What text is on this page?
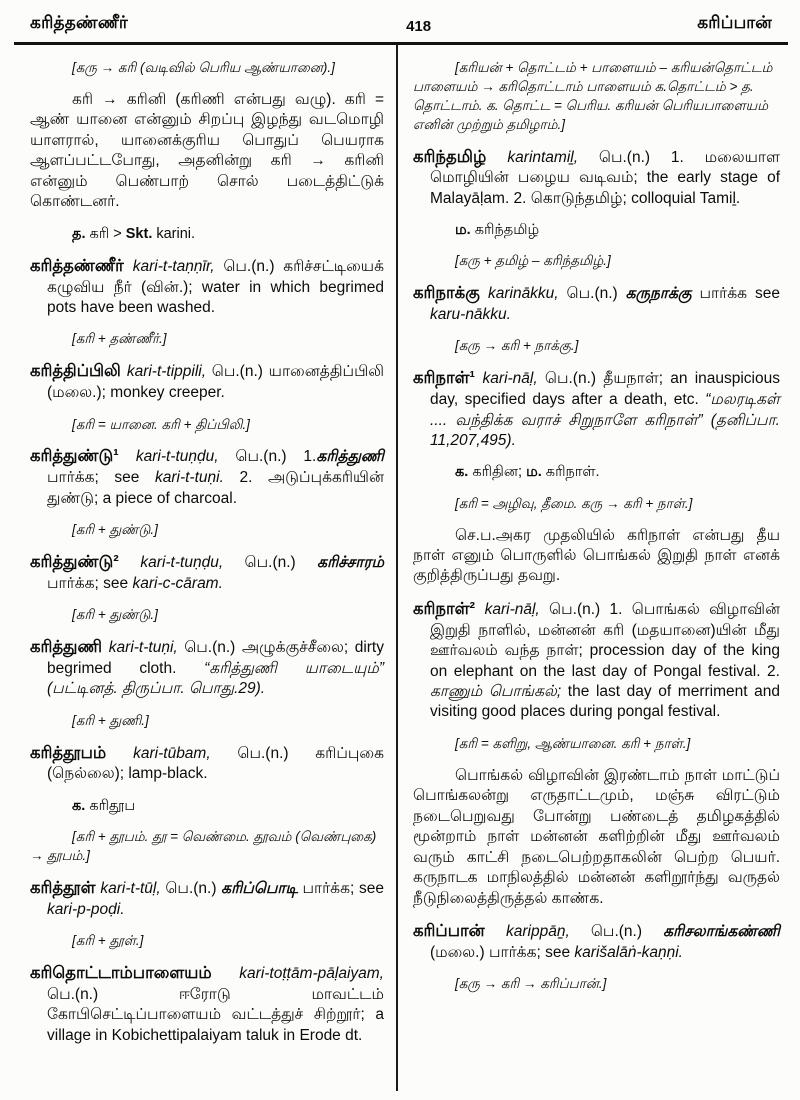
கரித்தண்ணீர்	418	கரிப்பான்

[கரு → கரி (வடிவில் பெரிய ஆண்யானை).]

கரி → கரினி (கரிணி என்பது வழு). கரி = ஆண் யானை என்னும் சிறப்பு இழந்து வடமொழி யாளரால், யானைக்குரிய பொதுப் பெயராக ஆளப்பட்டபோது, அதனின்று கரி → கரினி என்னும் பெண்பாற் சொல் படைத்திட்டுக் கொண்டனர்.

த. கரி > Skt. karini.

கரித்தண்ணீர் kari-t-taṇṇīr, பெ.(n.) கரிச்சட்டியைக் கழுவிய நீர் (வின்.); water in which begrimed pots have been washed.

[கரி + தண்ணீர்.]

கரித்திப்பிலி kari-t-tippili, பெ.(n.) யானைத்திப்பிலி (மலை.); monkey creeper.

[கரி = யானை. கரி + திப்பிலி.]

கரித்துண்டு¹ kari-t-tuṇḍu, பெ.(n.) 1.கரித்துணி பார்க்க; see kari-t-tuṇi. 2. அடுப்புக்கரியின் துண்டு; a piece of charcoal.

[கரி + துண்டு.]

கரித்துண்டு² kari-t-tuṇḍu, பெ.(n.) கரிச்சாரம் பார்க்க; see kari-c-cāram.

[கரி + துண்டு.]

கரித்துணி kari-t-tuṇi, பெ.(n.) அழுக்குச்சீலை; dirty begrimed cloth. “கரித்துணி யாடையும்” (பட்டினத். திருப்பா. பொது.29).

[கரி + துணி.]

கரித்தூபம் kari-tūbam, பெ.(n.) கரிப்புகை (நெல்லை); lamp-black.

க. கரிதூப

[கரி + தூபம். தூ = வெண்மை. தூவம் (வெண்புகை) → தூபம்.]

கரித்தூள் kari-t-tūḷ, பெ.(n.) கரிப்பொடி பார்க்க; see kari-p-poḍi.

[கரி + தூள்.]

கரிதொட்டாம்பாளையம் kari-toṭṭām-pāḷaiyam, பெ.(n.) ஈரோடு மாவட்டம் கோபிசெட்டிப்பாளையம் வட்டத்துச் சிற்றூர்; a village in Kobichettipalaiyam taluk in Erode dt.

[கரியன் + தொட்டம் + பாளையம் – கரியன்தொட்டம் பாளையம் → கரிதொட்டாம் பாளையம் க.தொட்டம் > த. தொட்டாம். க. தொட்ட = பெரிய. கரியன் பெரியபாளையம் எனின் முற்றும் தமிழாம்.]

கரிந்தமிழ் karintamiḻ, பெ.(n.) 1. மலையாள மொழியின் பழைய வடிவம்; the early stage of Malayāḷam. 2. கொடுந்தமிழ்; colloquial Tamiḻ.

ம. கரிந்தமிழ்

[கரு + தமிழ் – கரிந்தமிழ்.]

கரிநாக்கு karinākku, பெ.(n.) கருநாக்கு பார்க்க see karu-nākku.

[கரு → கரி + நாக்கு.]

கரிநாள்¹ kari-nāḷ, பெ.(n.) தீயநாள்; an inauspicious day, specified days after a death, etc. “மலரடிகள் .... வந்திக்க வராச் சிறுநாளே கரிநாள்” (தனிப்பா. 11,207,495).

க. கரிதின; ம. கரிநாள்.

[கரி = அழிவு, தீமை. கரு → கரி + நாள்.]

செ.ப.அகர முதலியில் கரிநாள் என்பது தீய நாள் எனும் பொருளில் பொங்கல் இறுதி நாள் எனக் குறித்திருப்பது தவறு.

கரிநாள்² kari-nāḷ, பெ.(n.) 1. பொங்கல் விழாவின் இறுதி நாளில், மன்னன் கரி (மதயானை)யின் மீது ஊர்வலம் வந்த நாள்; procession day of the king on elephant on the last day of Pongal festival. 2. காணும் பொங்கல்; the last day of merriment and visiting good places during pongal festival.

[கரி = களிறு, ஆண்யானை. கரி + நாள்.]

பொங்கல் விழாவின் இரண்டாம் நாள் மாட்டுப் பொங்கலன்று எருதாட்டமும், மஞ்சு விரட்டும் நடைபெறுவது போன்று பண்டைத் தமிழகத்தில் மூன்றாம் நாள் மன்னன் களிற்றின் மீது ஊர்வலம் வரும் காட்சி நடைபெற்றதாகலின் பெற்ற பெயர். கருநாடக மாநிலத்தில் மன்னன் களிறூர்ந்து வருதல் நீடுநிலைத்திருத்தல் காண்க.

கரிப்பான் karippāṉ, பெ.(n.) கரிசலாங்கண்ணி (மலை.) பார்க்க; see karišalāṅ-kaṇṇi.

[கரு → கரி → கரிப்பான்.]
